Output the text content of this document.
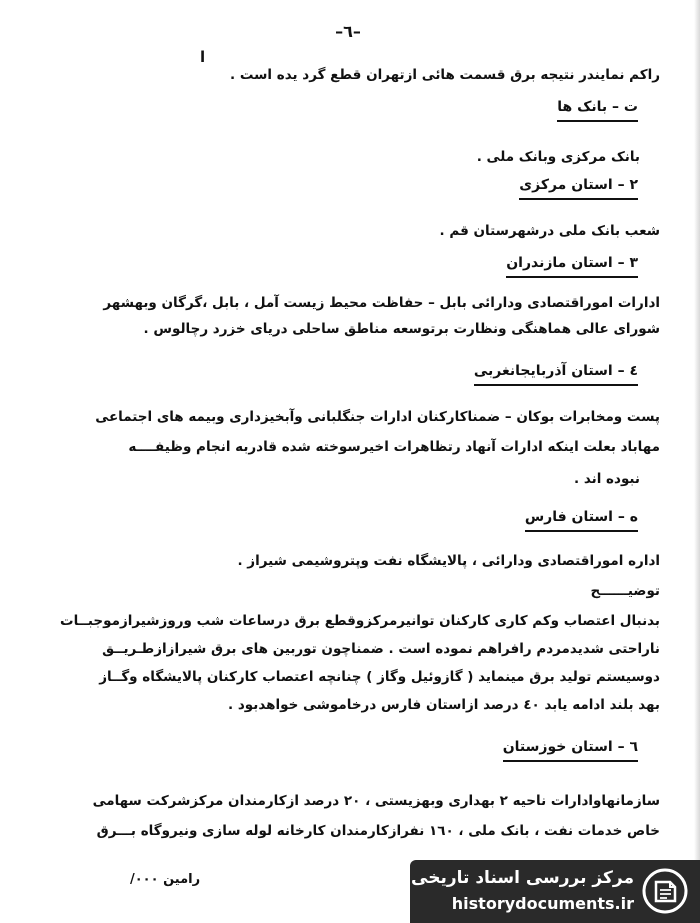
–٦–
ا
راکم نمایندر نتیجه برق قسمت هائی ازتهران قطع گرد یده است .
ت – بانک ها
بانک مرکزی وبانک ملی .
۲ – استان مرکزی
شعب بانک ملی درشهرستان قم .
۳ – استان مازندران
ادارات اموراقتصادی ودارائی بابل – حفاظت محیط زیست آمل ، بابل ،گرگان وبهشهر
شورای عالی هماهنگی ونظارت برتوسعه مناطق ساحلی دریای خزرد رچالوس .
٤ – استان آذربایجانغربی
پست ومخابرات بوکان – ضمناکارکنان ادارات جنگلبانی وآبخیزداری وبیمه های اجتماعی
مهاباد بعلت اینکه ادارات آنهاد رتظاهرات اخیرسوخته شده قادربه انجام وظیفــــه
نبوده اند .
ه – استان فارس
اداره اموراقتصادی ودارائی ، پالایشگاه نفت وپتروشیمی شیراز .
توضیــــــح
بدنبال اعتصاب وکم کاری کارکنان توانیرمرکزوقطع برق درساعات شب وروزشیرازموجبــات
ناراحتی شدیدمردم رافراهم نموده است . ضمناچون توربین های برق شیرازازطـریــق
دوسیستم تولید برق مینماید ( گازوئیل وگاز ) چنانچه اعتصاب کارکنان پالایشگاه وگــاز
بهد بلند ادامه یابد ٤٠ درصد ازاستان فارس درخاموشی خواهدبود .
٦ – استان خوزستان
سازمانهاوادارات ناحیه ۲ بهداری وبهزیستی ، ۲۰ درصد ازکارمندان مرکزشرکت سهامی
خاص خدمات نفت ، بانک ملی ، ۱٦٠ نفرازکارمندان کارخانه لوله سازی ونیروگاه بـــرق
رامین ۰۰۰/	مرکز بررسی اسناد تاریخی
historydocuments.ir
